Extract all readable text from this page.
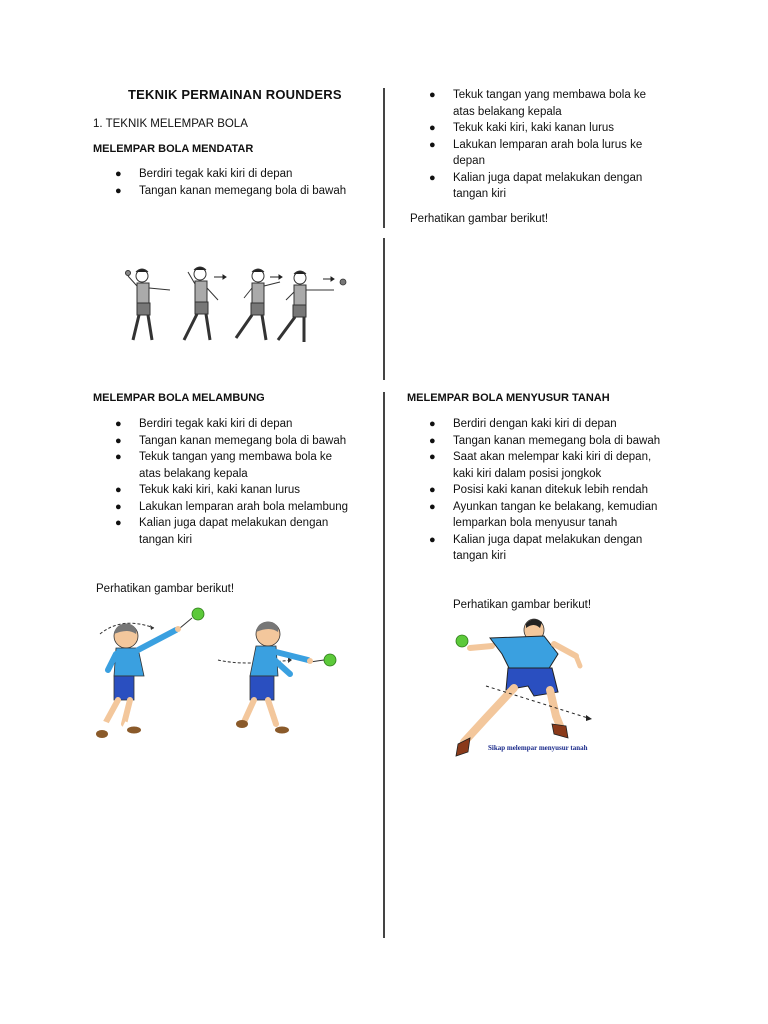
TEKNIK PERMAINAN ROUNDERS
1. TEKNIK MELEMPAR BOLA
MELEMPAR BOLA MENDATAR
● Berdiri tegak kaki kiri di depan
● Tangan kanan memegang bola di bawah
● Tekuk tangan yang membawa bola ke atas belakang kepala
● Tekuk kaki kiri, kaki kanan lurus
● Lakukan lemparan arah bola lurus ke depan
● Kalian juga dapat melakukan dengan tangan kiri
Perhatikan gambar berikut!
MELEMPAR BOLA MELAMBUNG
● Berdiri tegak kaki kiri di depan
● Tangan kanan memegang bola di bawah
● Tekuk tangan yang membawa bola ke atas belakang kepala
● Tekuk kaki kiri, kaki kanan lurus
● Lakukan lemparan arah bola melambung
● Kalian juga dapat melakukan dengan tangan kiri
Perhatikan gambar berikut!
MELEMPAR BOLA MENYUSUR TANAH
● Berdiri dengan kaki kiri di depan
● Tangan kanan memegang bola di bawah
● Saat akan melempar kaki kiri di depan, kaki kiri dalam posisi jongkok
● Posisi kaki kanan ditekuk lebih rendah
● Ayunkan tangan ke belakang, kemudian lemparkan bola menyusur tanah
● Kalian juga dapat melakukan dengan tangan kiri
Perhatikan gambar berikut!
Sikap melempar menyusur tanah
